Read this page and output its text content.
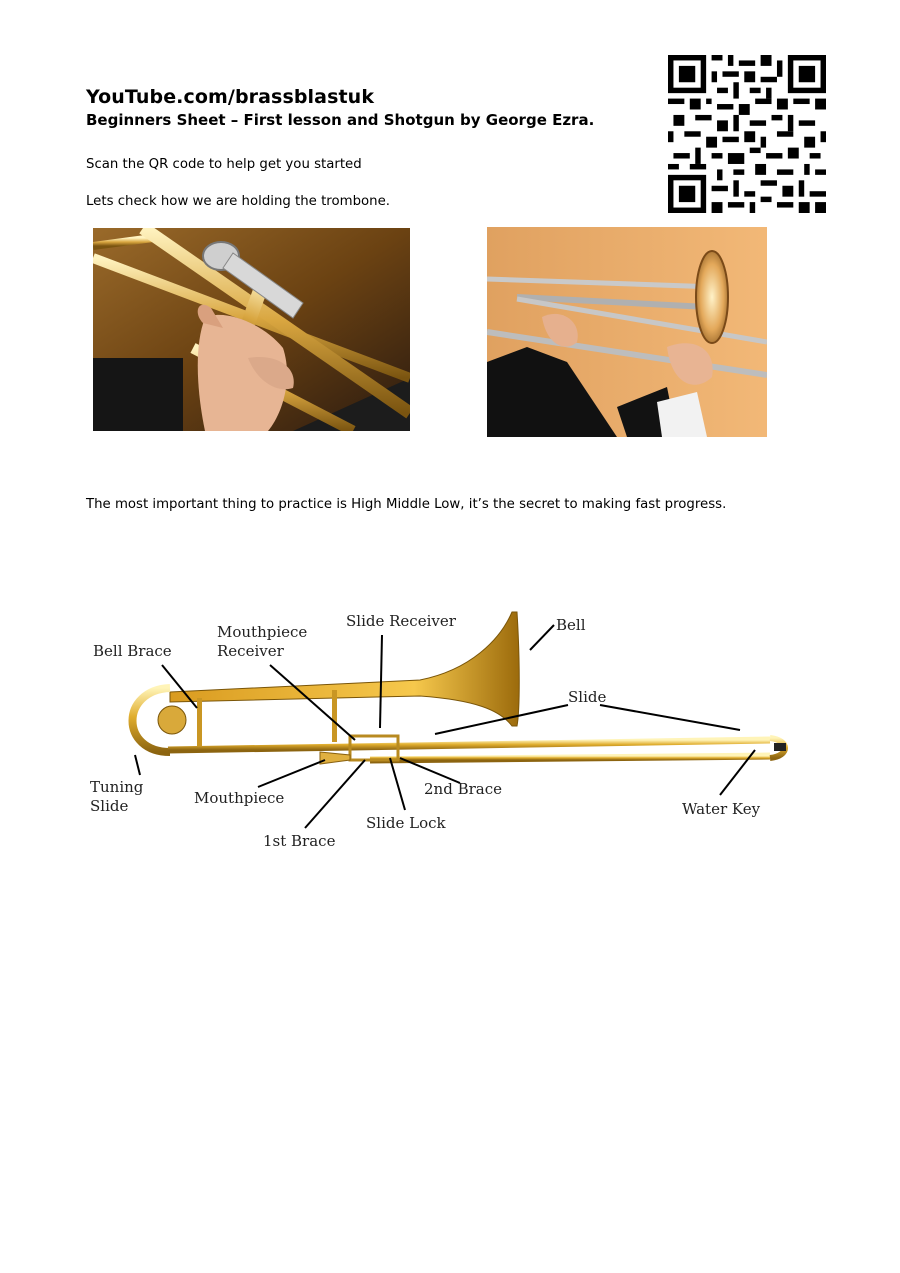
YouTube.com/brassblastuk
Beginners Sheet – First lesson and Shotgun by George Ezra.
Scan the QR code to help get you started
Lets check how we are holding the trombone.
The most important thing to practice is High Middle Low, it’s the secret to making fast progress.
Bell Brace
Mouthpiece
Receiver
Slide Receiver	Bell
Slide
Tuning
Slide	Mouthpiece	2nd Brace
Slide Lock
1st Brace
Water Key
